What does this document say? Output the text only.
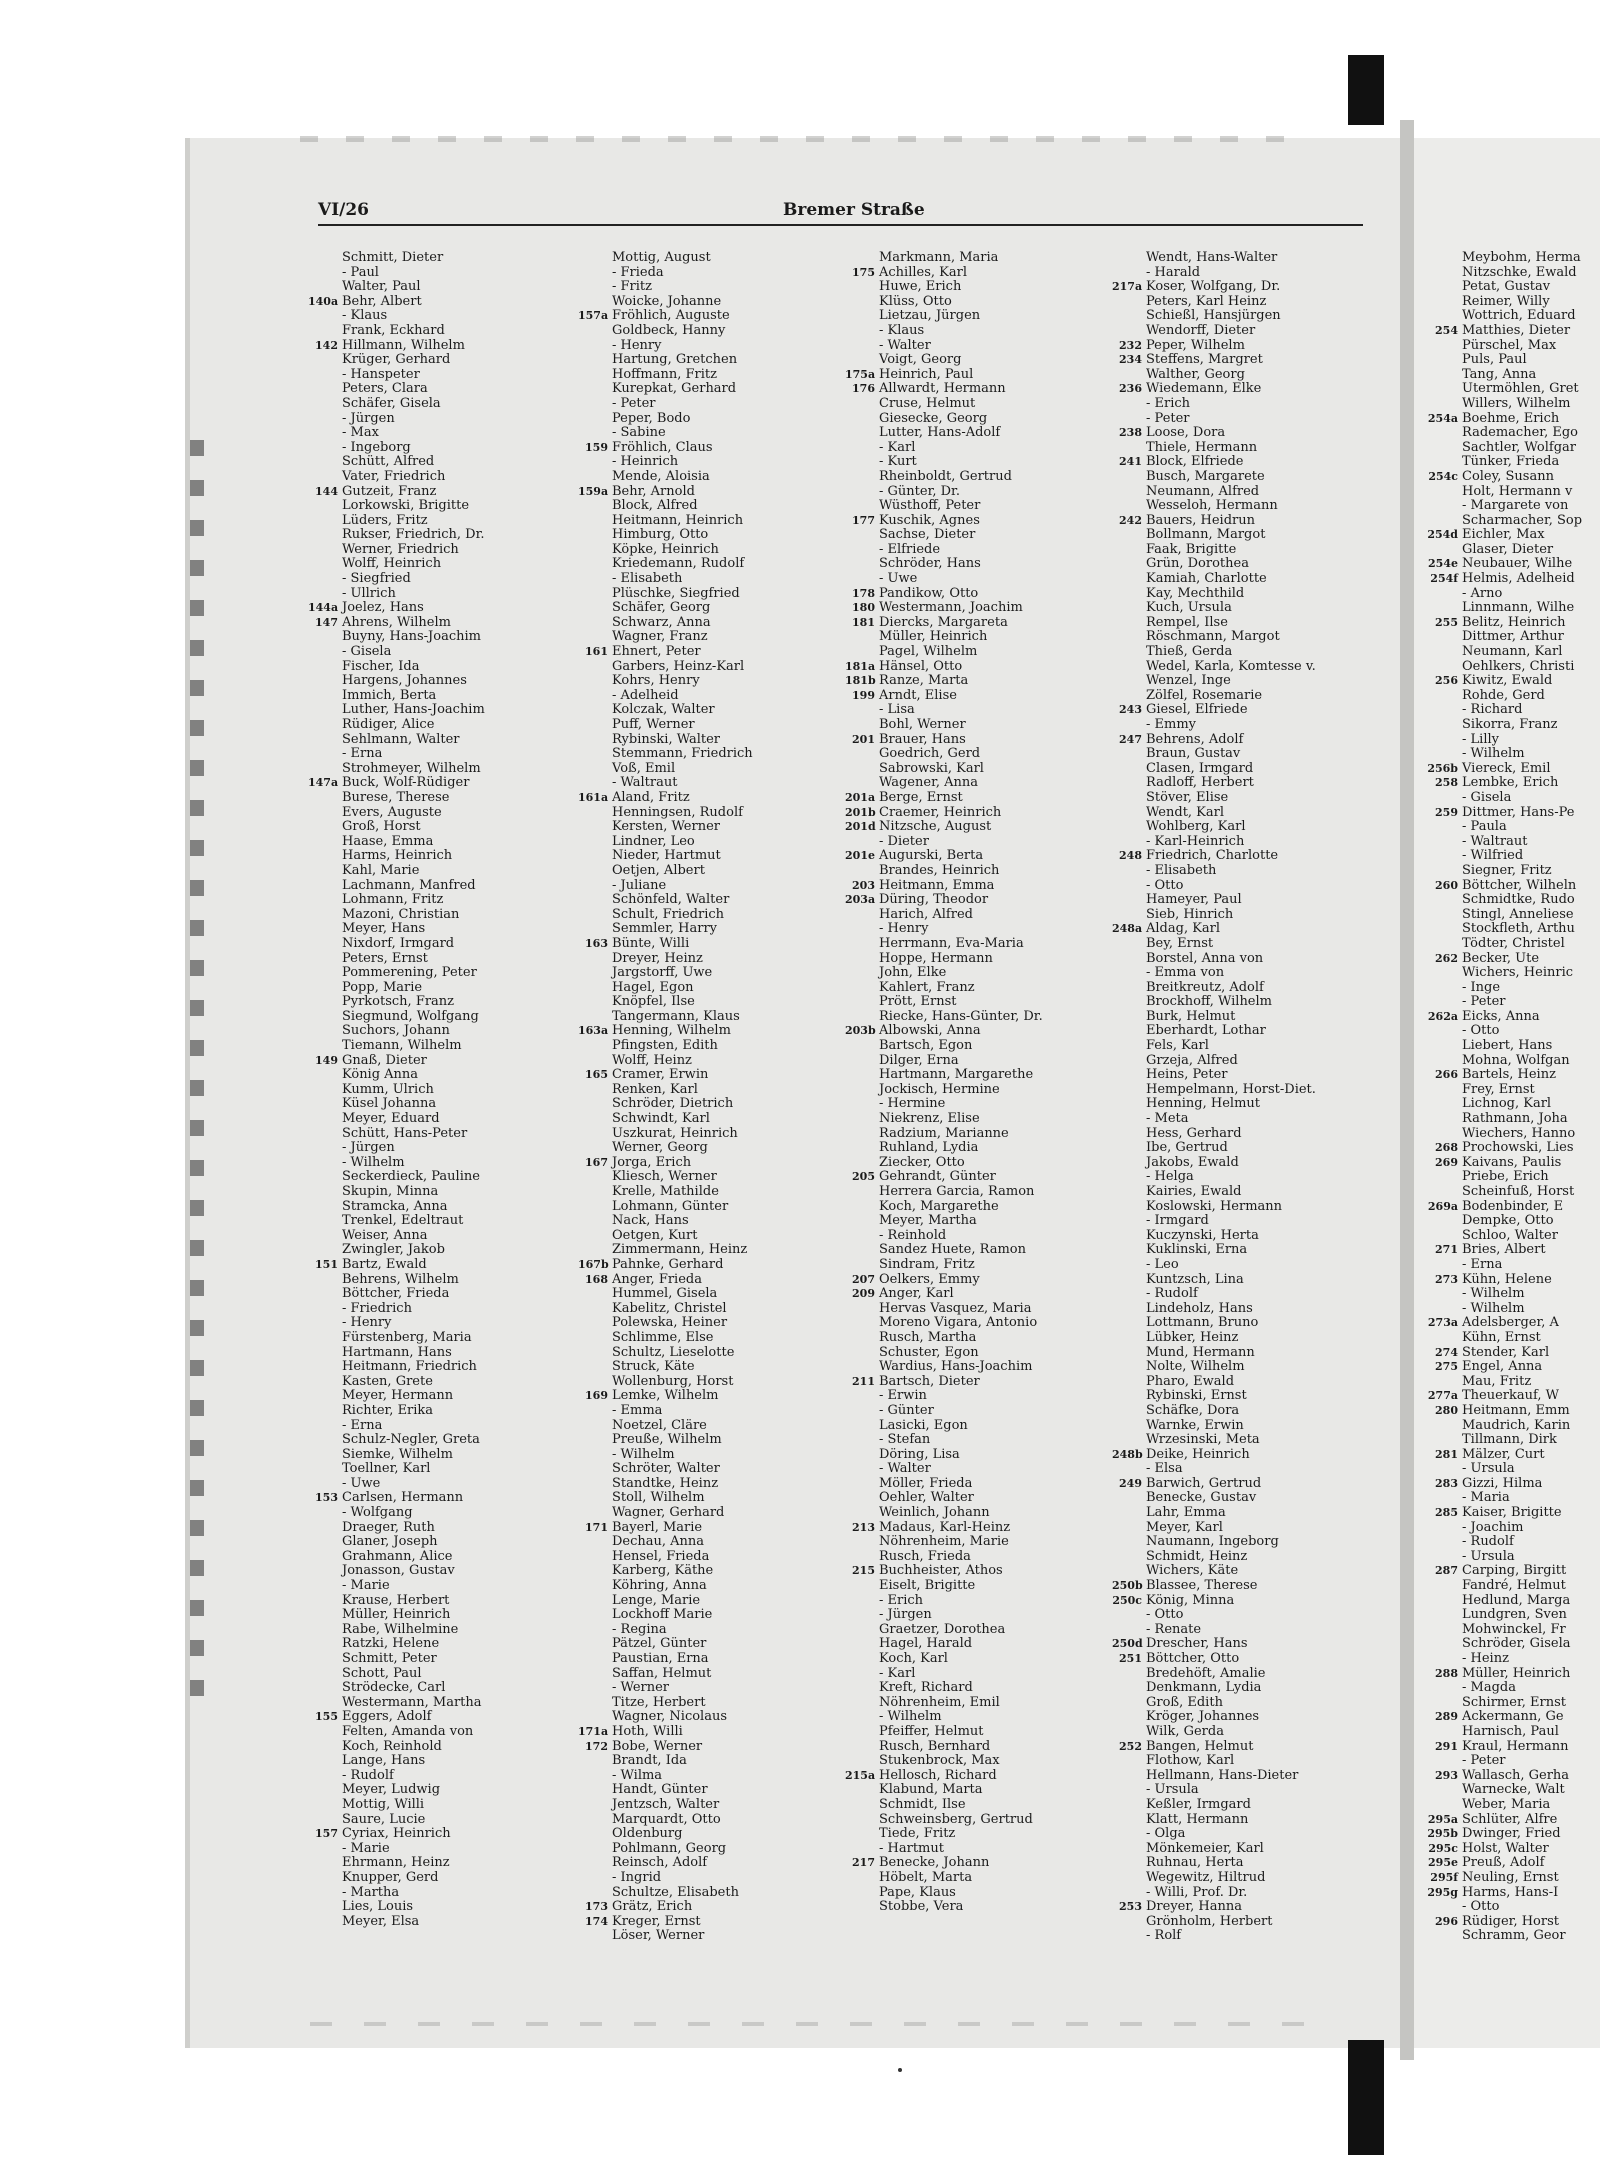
VI/26	Bremer Straße
Schmitt, Dieter
- Paul
Walter, Paul
140a Behr, Albert
- Klaus
Frank, Eckhard
142 Hillmann, Wilhelm
Krüger, Gerhard
- Hanspeter
Peters, Clara
Schäfer, Gisela
- Jürgen
- Max
- Ingeborg
Schütt, Alfred
Vater, Friedrich
144 Gutzeit, Franz
Lorkowski, Brigitte
Lüders, Fritz
Rukser, Friedrich, Dr.
Werner, Friedrich
Wolff, Heinrich
- Siegfried
- Ullrich
144a Joelez, Hans
147 Ahrens, Wilhelm
Buyny, Hans-Joachim
- Gisela
Fischer, Ida
Hargens, Johannes
Immich, Berta
Luther, Hans-Joachim
Rüdiger, Alice
Sehlmann, Walter
- Erna
Strohmeyer, Wilhelm
147a Buck, Wolf-Rüdiger
Burese, Therese
Evers, Auguste
Groß, Horst
Haase, Emma
Harms, Heinrich
Kahl, Marie
Lachmann, Manfred
Lohmann, Fritz
Mazoni, Christian
Meyer, Hans
Nixdorf, Irmgard
Peters, Ernst
Pommerening, Peter
Popp, Marie
Pyrkotsch, Franz
Siegmund, Wolfgang
Suchors, Johann
Tiemann, Wilhelm
149 Gnaß, Dieter
König Anna
Kumm, Ulrich
Küsel Johanna
Meyer, Eduard
Schütt, Hans-Peter
- Jürgen
- Wilhelm
Seckerdieck, Pauline
Skupin, Minna
Stramcka, Anna
Trenkel, Edeltraut
Weiser, Anna
Zwingler, Jakob
151 Bartz, Ewald
Behrens, Wilhelm
Böttcher, Frieda
- Friedrich
- Henry
Fürstenberg, Maria
Hartmann, Hans
Heitmann, Friedrich
Kasten, Grete
Meyer, Hermann
Richter, Erika
- Erna
Schulz-Negler, Greta
Siemke, Wilhelm
Toellner, Karl
- Uwe
153 Carlsen, Hermann
- Wolfgang
Draeger, Ruth
Glaner, Joseph
Grahmann, Alice
Jonasson, Gustav
- Marie
Krause, Herbert
Müller, Heinrich
Rabe, Wilhelmine
Ratzki, Helene
Schmitt, Peter
Schott, Paul
Strödecke, Carl
Westermann, Martha
155 Eggers, Adolf
Felten, Amanda von
Koch, Reinhold
Lange, Hans
- Rudolf
Meyer, Ludwig
Mottig, Willi
Saure, Lucie
157 Cyriax, Heinrich
- Marie
Ehrmann, Heinz
Knupper, Gerd
- Martha
Lies, Louis
Meyer, Elsa
Mottig, August
- Frieda
- Fritz
Woicke, Johanne
157a Fröhlich, Auguste
Goldbeck, Hanny
- Henry
Hartung, Gretchen
Hoffmann, Fritz
Kurepkat, Gerhard
- Peter
Peper, Bodo
- Sabine
159 Fröhlich, Claus
- Heinrich
Mende, Aloisia
159a Behr, Arnold
Block, Alfred
Heitmann, Heinrich
Himburg, Otto
Köpke, Heinrich
Kriedemann, Rudolf
- Elisabeth
Plüschke, Siegfried
Schäfer, Georg
Schwarz, Anna
Wagner, Franz
161 Ehnert, Peter
Garbers, Heinz-Karl
Kohrs, Henry
- Adelheid
Kolczak, Walter
Puff, Werner
Rybinski, Walter
Stemmann, Friedrich
Voß, Emil
- Waltraut
161a Aland, Fritz
Henningsen, Rudolf
Kersten, Werner
Lindner, Leo
Nieder, Hartmut
Oetjen, Albert
- Juliane
Schönfeld, Walter
Schult, Friedrich
Semmler, Harry
163 Bünte, Willi
Dreyer, Heinz
Jargstorff, Uwe
Hagel, Egon
Knöpfel, Ilse
Tangermann, Klaus
163a Henning, Wilhelm
Pfingsten, Edith
Wolff, Heinz
165 Cramer, Erwin
Renken, Karl
Schröder, Dietrich
Schwindt, Karl
Uszkurat, Heinrich
Werner, Georg
167 Jorga, Erich
Kliesch, Werner
Krelle, Mathilde
Lohmann, Günter
Nack, Hans
Oetgen, Kurt
Zimmermann, Heinz
167b Pahnke, Gerhard
168 Anger, Frieda
Hummel, Gisela
Kabelitz, Christel
Polewska, Heiner
Schlimme, Else
Schultz, Lieselotte
Struck, Käte
Wollenburg, Horst
169 Lemke, Wilhelm
- Emma
Noetzel, Cläre
Preuße, Wilhelm
- Wilhelm
Schröter, Walter
Standtke, Heinz
Stoll, Wilhelm
Wagner, Gerhard
171 Bayerl, Marie
Dechau, Anna
Hensel, Frieda
Karberg, Käthe
Köhring, Anna
Lenge, Marie
Lockhoff Marie
- Regina
Pätzel, Günter
Paustian, Erna
Saffan, Helmut
- Werner
Titze, Herbert
Wagner, Nicolaus
171a Hoth, Willi
172 Bobe, Werner
Brandt, Ida
- Wilma
Handt, Günter
Jentzsch, Walter
Marquardt, Otto
Oldenburg
Pohlmann, Georg
Reinsch, Adolf
- Ingrid
Schultze, Elisabeth
173 Grätz, Erich
174 Kreger, Ernst
Löser, Werner
Markmann, Maria
175 Achilles, Karl
Huwe, Erich
Klüss, Otto
Lietzau, Jürgen
- Klaus
- Walter
Voigt, Georg
175a Heinrich, Paul
176 Allwardt, Hermann
Cruse, Helmut
Giesecke, Georg
Lutter, Hans-Adolf
- Karl
- Kurt
Rheinboldt, Gertrud
- Günter, Dr.
Wüsthoff, Peter
177 Kuschik, Agnes
Sachse, Dieter
- Elfriede
Schröder, Hans
- Uwe
178 Pandikow, Otto
180 Westermann, Joachim
181 Diercks, Margareta
Müller, Heinrich
Pagel, Wilhelm
181a Hänsel, Otto
181b Ranze, Marta
199 Arndt, Elise
- Lisa
Bohl, Werner
201 Brauer, Hans
Goedrich, Gerd
Sabrowski, Karl
Wagener, Anna
201a Berge, Ernst
201b Craemer, Heinrich
201d Nitzsche, August
- Dieter
201e Augurski, Berta
Brandes, Heinrich
203 Heitmann, Emma
203a Düring, Theodor
Harich, Alfred
- Henry
Herrmann, Eva-Maria
Hoppe, Hermann
John, Elke
Kahlert, Franz
Prött, Ernst
Riecke, Hans-Günter, Dr.
203b Albowski, Anna
Bartsch, Egon
Dilger, Erna
Hartmann, Margarethe
Jockisch, Hermine
- Hermine
Niekrenz, Elise
Radzium, Marianne
Ruhland, Lydia
Ziecker, Otto
205 Gehrandt, Günter
Herrera Garcia, Ramon
Koch, Margarethe
Meyer, Martha
- Reinhold
Sandez Huete, Ramon
Sindram, Fritz
207 Oelkers, Emmy
209 Anger, Karl
Hervas Vasquez, Maria
Moreno Vigara, Antonio
Rusch, Martha
Schuster, Egon
Wardius, Hans-Joachim
211 Bartsch, Dieter
- Erwin
- Günter
Lasicki, Egon
- Stefan
Döring, Lisa
- Walter
Möller, Frieda
Oehler, Walter
Weinlich, Johann
213 Madaus, Karl-Heinz
Nöhrenheim, Marie
Rusch, Frieda
215 Buchheister, Athos
Eiselt, Brigitte
- Erich
- Jürgen
Graetzer, Dorothea
Hagel, Harald
Koch, Karl
- Karl
Kreft, Richard
Nöhrenheim, Emil
- Wilhelm
Pfeiffer, Helmut
Rusch, Bernhard
Stukenbrock, Max
215a Hellosch, Richard
Klabund, Marta
Schmidt, Ilse
Schweinsberg, Gertrud
Tiede, Fritz
- Hartmut
217 Benecke, Johann
Höbelt, Marta
Pape, Klaus
Stobbe, Vera
Wendt, Hans-Walter
- Harald
217a Koser, Wolfgang, Dr.
Peters, Karl Heinz
Schießl, Hansjürgen
Wendorff, Dieter
232 Peper, Wilhelm
234 Steffens, Margret
Walther, Georg
236 Wiedemann, Elke
- Erich
- Peter
238 Loose, Dora
Thiele, Hermann
241 Block, Elfriede
Busch, Margarete
Neumann, Alfred
Wesseloh, Hermann
242 Bauers, Heidrun
Bollmann, Margot
Faak, Brigitte
Grün, Dorothea
Kamiah, Charlotte
Kay, Mechthild
Kuch, Ursula
Rempel, Ilse
Röschmann, Margot
Thieß, Gerda
Wedel, Karla, Komtesse v.
Wenzel, Inge
Zölfel, Rosemarie
243 Giesel, Elfriede
- Emmy
247 Behrens, Adolf
Braun, Gustav
Clasen, Irmgard
Radloff, Herbert
Stöver, Elise
Wendt, Karl
Wohlberg, Karl
- Karl-Heinrich
248 Friedrich, Charlotte
- Elisabeth
- Otto
Hameyer, Paul
Sieb, Hinrich
248a Aldag, Karl
Bey, Ernst
Borstel, Anna von
- Emma von
Breitkreutz, Adolf
Brockhoff, Wilhelm
Burk, Helmut
Eberhardt, Lothar
Fels, Karl
Grzeja, Alfred
Heins, Peter
Hempelmann, Horst-Diet.
Henning, Helmut
- Meta
Hess, Gerhard
Ibe, Gertrud
Jakobs, Ewald
- Helga
Kairies, Ewald
Koslowski, Hermann
- Irmgard
Kuczynski, Herta
Kuklinski, Erna
- Leo
Kuntzsch, Lina
- Rudolf
Lindeholz, Hans
Lottmann, Bruno
Lübker, Heinz
Mund, Hermann
Nolte, Wilhelm
Pharo, Ewald
Rybinski, Ernst
Schäfke, Dora
Warnke, Erwin
Wrzesinski, Meta
248b Deike, Heinrich
- Elsa
249 Barwich, Gertrud
Benecke, Gustav
Lahr, Emma
Meyer, Karl
Naumann, Ingeborg
Schmidt, Heinz
Wichers, Käte
250b Blassee, Therese
250c König, Minna
- Otto
- Renate
250d Drescher, Hans
251 Böttcher, Otto
Bredehöft, Amalie
Denkmann, Lydia
Groß, Edith
Kröger, Johannes
Wilk, Gerda
252 Bangen, Helmut
Flothow, Karl
Hellmann, Hans-Dieter
- Ursula
Keßler, Irmgard
Klatt, Hermann
- Olga
Mönkemeier, Karl
Ruhnau, Herta
Wegewitz, Hiltrud
- Willi, Prof. Dr.
253 Dreyer, Hanna
Grönholm, Herbert
- Rolf
Meybohm, Herma
Nitzschke, Ewald
Petat, Gustav
Reimer, Willy
Wottrich, Eduard
254 Matthies, Dieter
Pürschel, Max
Puls, Paul
Tang, Anna
Utermöhlen, Gret
Willers, Wilhelm
254a Boehme, Erich
Rademacher, Ego
Sachtler, Wolfgar
Tünker, Frieda
254c Coley, Susann
Holt, Hermann v
- Margarete von
Scharmacher, Sop
254d Eichler, Max
Glaser, Dieter
254e Neubauer, Wilhe
254f Helmis, Adelheid
- Arno
Linnmann, Wilhe
255 Belitz, Heinrich
Dittmer, Arthur
Neumann, Karl
Oehlkers, Christi
256 Kiwitz, Ewald
Rohde, Gerd
- Richard
Sikorra, Franz
- Lilly
- Wilhelm
256b Viereck, Emil
258 Lembke, Erich
- Gisela
259 Dittmer, Hans-Pe
- Paula
- Waltraut
- Wilfried
Siegner, Fritz
260 Böttcher, Wilheln
Schmidtke, Rudo
Stingl, Anneliese
Stockfleth, Arthu
Tödter, Christel
262 Becker, Ute
Wichers, Heinric
- Inge
- Peter
262a Eicks, Anna
- Otto
Liebert, Hans
Mohna, Wolfgan
266 Bartels, Heinz
Frey, Ernst
Lichnog, Karl
Rathmann, Joha
Wiechers, Hanno
268 Prochowski, Lies
269 Kaivans, Paulis
Priebe, Erich
Scheinfuß, Horst
269a Bodenbinder, E
Dempke, Otto
Schloo, Walter
271 Bries, Albert
- Erna
273 Kühn, Helene
- Wilhelm
- Wilhelm
273a Adelsberger, A
Kühn, Ernst
274 Stender, Karl
275 Engel, Anna
Mau, Fritz
277a Theuerkauf, W
280 Heitmann, Emm
Maudrich, Karin
Tillmann, Dirk
281 Mälzer, Curt
- Ursula
283 Gizzi, Hilma
- Maria
285 Kaiser, Brigitte
- Joachim
- Rudolf
- Ursula
287 Carping, Birgitt
Fandré, Helmut
Hedlund, Marga
Lundgren, Sven
Mohwinckel, Fr
Schröder, Gisela
- Heinz
288 Müller, Heinrich
- Magda
Schirmer, Ernst
289 Ackermann, Ge
Harnisch, Paul
291 Kraul, Hermann
- Peter
293 Wallasch, Gerha
Warnecke, Walt
Weber, Maria
295a Schlüter, Alfre
295b Dwinger, Fried
295c Holst, Walter
295e Preuß, Adolf
295f Neuling, Ernst
295g Harms, Hans-I
- Otto
296 Rüdiger, Horst
Schramm, Geor
